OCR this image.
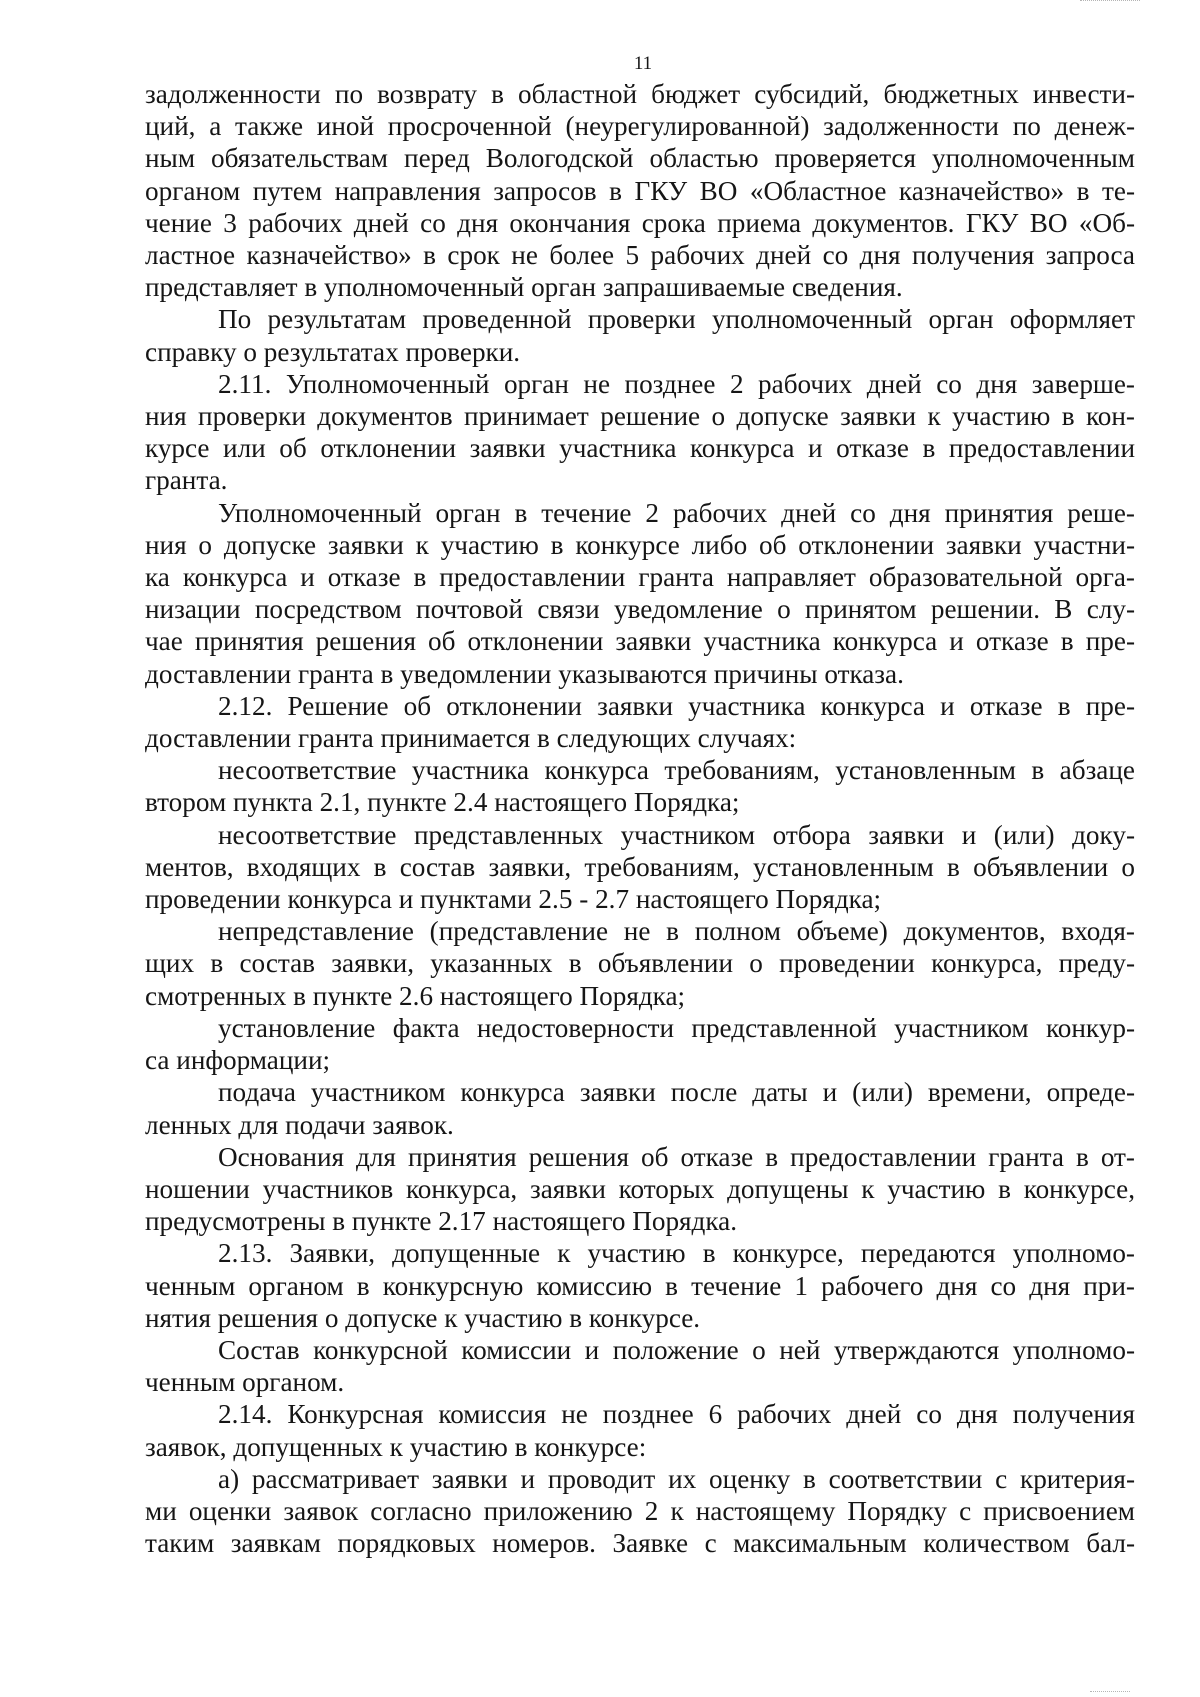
11
задолженности по возврату в областной бюджет субсидий, бюджетных инвести-
ций, а также иной просроченной (неурегулированной) задолженности по денеж-
ным обязательствам перед Вологодской областью проверяется уполномоченным
органом путем направления запросов в ГКУ ВО «Областное казначейство» в те-
чение 3 рабочих дней со дня окончания срока приема документов. ГКУ ВО «Об-
ластное казначейство» в срок не более 5 рабочих дней со дня получения запроса
представляет в уполномоченный орган запрашиваемые сведения.
По результатам проведенной проверки уполномоченный орган оформляет
справку о результатах проверки.
2.11. Уполномоченный орган не позднее 2 рабочих дней со дня заверше-
ния проверки документов принимает решение о допуске заявки к участию в кон-
курсе или об отклонении заявки участника конкурса и отказе в предоставлении
гранта.
Уполномоченный орган в течение 2 рабочих дней со дня принятия реше-
ния о допуске заявки к участию в конкурсе либо об отклонении заявки участни-
ка конкурса и отказе в предоставлении гранта направляет образовательной орга-
низации посредством почтовой связи уведомление о принятом решении. В слу-
чае принятия решения об отклонении заявки участника конкурса и отказе в пре-
доставлении гранта в уведомлении указываются причины отказа.
2.12. Решение об отклонении заявки участника конкурса и отказе в пре-
доставлении гранта принимается в следующих случаях:
несоответствие участника конкурса требованиям, установленным в абзаце
втором пункта 2.1, пункте 2.4 настоящего Порядка;
несоответствие представленных участником отбора заявки и (или) доку-
ментов, входящих в состав заявки, требованиям, установленным в объявлении о
проведении конкурса и пунктами 2.5 - 2.7 настоящего Порядка;
непредставление (представление не в полном объеме) документов, входя-
щих в состав заявки, указанных в объявлении о проведении конкурса, преду-
смотренных в пункте 2.6 настоящего Порядка;
установление факта недостоверности представленной участником конкур-
са информации;
подача участником конкурса заявки после даты и (или) времени, опреде-
ленных для подачи заявок.
Основания для принятия решения об отказе в предоставлении гранта в от-
ношении участников конкурса, заявки которых допущены к участию в конкурсе,
предусмотрены в пункте 2.17 настоящего Порядка.
2.13. Заявки, допущенные к участию в конкурсе, передаются уполномо-
ченным органом в конкурсную комиссию в течение 1 рабочего дня со дня при-
нятия решения о допуске к участию в конкурсе.
Состав конкурсной комиссии и положение о ней утверждаются уполномо-
ченным органом.
2.14. Конкурсная комиссия не позднее 6 рабочих дней со дня получения
заявок, допущенных к участию в конкурсе:
а) рассматривает заявки и проводит их оценку в соответствии с критерия-
ми оценки заявок согласно приложению 2 к настоящему Порядку с присвоением
таким заявкам порядковых номеров. Заявке с максимальным количеством бал-
